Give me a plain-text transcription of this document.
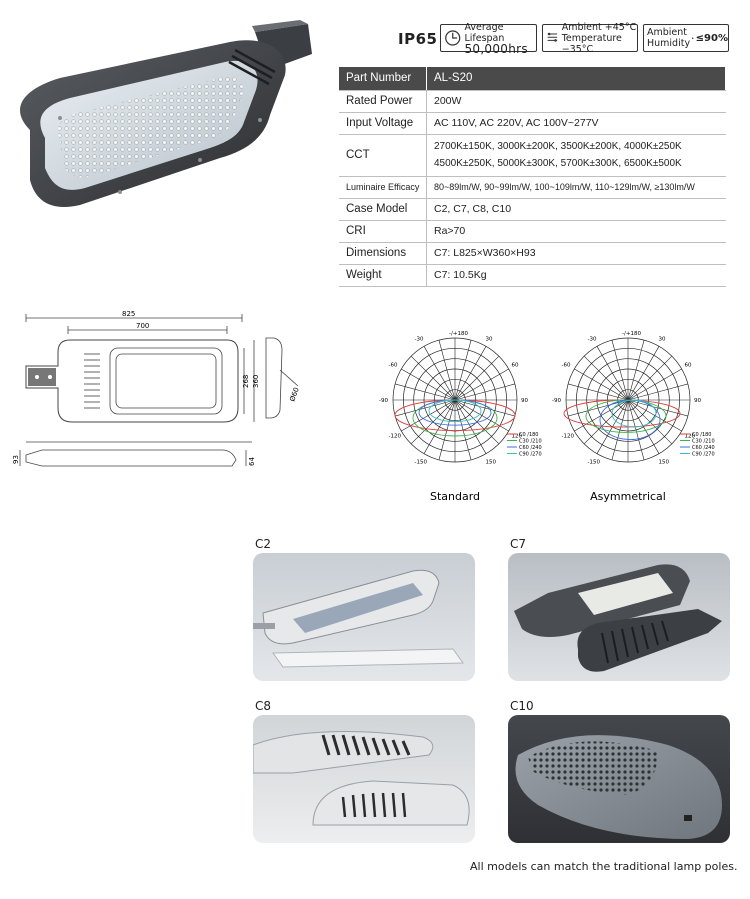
IP65
Average Lifespan
50,000hrs
Ambient +45°C
Temperature −35°C
Ambient
Humidity ≤90%
Part Number	AL-S20
Rated Power	200W
Input Voltage	AC 110V, AC 220V, AC 100V~277V
CCT	2700K±150K, 3000K±200K, 3500K±200K, 4000K±250K
4500K±250K, 5000K±300K, 5700K±300K, 6500K±500K

Luminaire Efficacy	80~89lm/W, 90~99lm/W, 100~109lm/W, 110~129lm/W, ≥130lm/W
Case Model	C2, C7, C8, C10
CRI	Ra>70
Dimensions	C7: L825×W360×H93
Weight	C7: 10.5Kg
825
700
268 360
Ø60
93	64
-/+180
150
-150
120
-120
90
-90
-60	60
-30	30
C0 /180
C30 /210
C60 /240
C90 /270
Standard
-/+180
150
-150
120
-120
90
-90
-60	60
-30	30
C0 /180
C30 /210
C60 /240
C90 /270
Asymmetrical
C2	C7
C8	C10
All models can match the traditional lamp poles.
